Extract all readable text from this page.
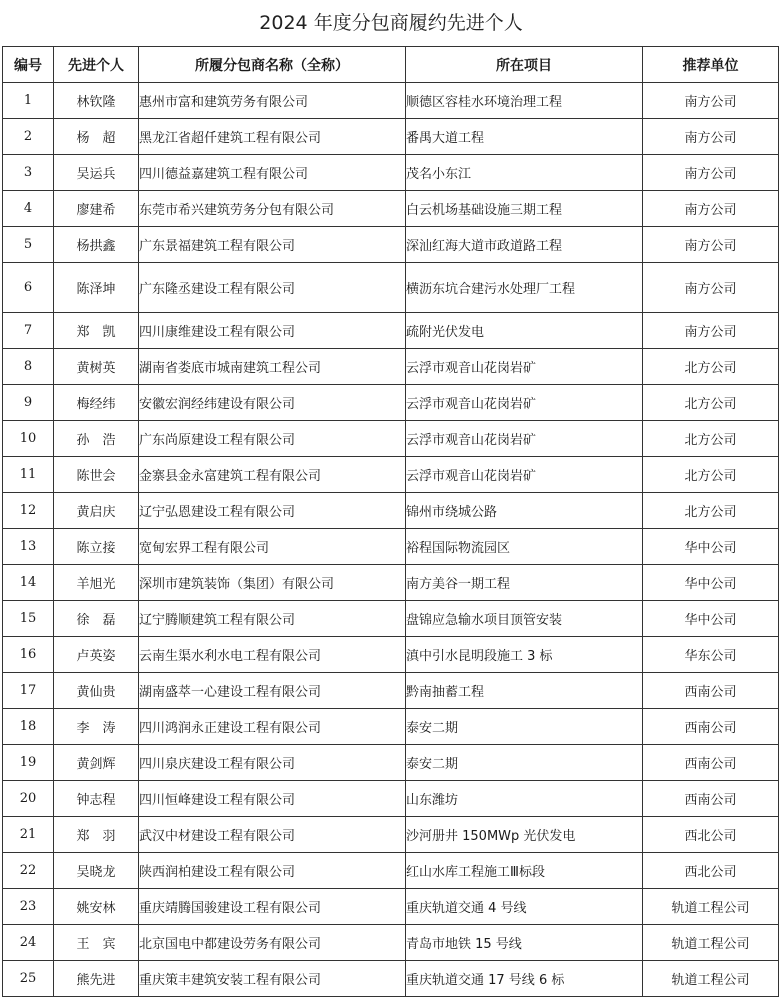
2024 年度分包商履约先进个人
编号	先进个人	所履分包商名称（全称）	所在项目	推荐单位
1	林钦隆	惠州市富和建筑劳务有限公司	顺德区容桂水环境治理工程	南方公司
2	杨　超	黑龙江省超仟建筑工程有限公司	番禺大道工程	南方公司
3	吴运兵	四川德益嘉建筑工程有限公司	茂名小东江	南方公司
4	廖建希	东莞市希兴建筑劳务分包有限公司	白云机场基础设施三期工程	南方公司
5	杨拱鑫	广东景福建筑工程有限公司	深汕红海大道市政道路工程	南方公司
6	陈泽坤	广东隆丞建设工程有限公司	横沥东坑合建污水处理厂工程	南方公司
7	郑　凯	四川康维建设工程有限公司	疏附光伏发电	南方公司
8	黄树英	湖南省娄底市城南建筑工程公司	云浮市观音山花岗岩矿	北方公司
9	梅经纬	安徽宏润经纬建设有限公司	云浮市观音山花岗岩矿	北方公司
10	孙　浩	广东尚原建设工程有限公司	云浮市观音山花岗岩矿	北方公司
11	陈世会	金寨县金永富建筑工程有限公司	云浮市观音山花岗岩矿	北方公司
12	黄启庆	辽宁弘恩建设工程有限公司	锦州市绕城公路	北方公司
13	陈立接	宽甸宏界工程有限公司	裕程国际物流园区	华中公司
14	羊旭光	深圳市建筑装饰（集团）有限公司	南方美谷一期工程	华中公司
15	徐　磊	辽宁腾顺建筑工程有限公司	盘锦应急输水项目顶管安装	华中公司
16	卢英姿	云南生渠水利水电工程有限公司	滇中引水昆明段施工 3 标	华东公司
17	黄仙贵	湖南盛萃一心建设工程有限公司	黔南抽蓄工程	西南公司
18	李　涛	四川鸿润永正建设工程有限公司	泰安二期	西南公司
19	黄剑辉	四川泉庆建设工程有限公司	泰安二期	西南公司
20	钟志程	四川恒峰建设工程有限公司	山东潍坊	西南公司
21	郑　羽	武汉中材建设工程有限公司	沙河册井 150MWp 光伏发电	西北公司
22	吴晓龙	陕西润柏建设工程有限公司	红山水库工程施工Ⅲ标段	西北公司
23	姚安林	重庆靖腾国骏建设工程有限公司	重庆轨道交通 4 号线	轨道工程公司
24	王　宾	北京国电中都建设劳务有限公司	青岛市地铁 15 号线	轨道工程公司
25	熊先进	重庆策丰建筑安装工程有限公司	重庆轨道交通 17 号线 6 标	轨道工程公司
